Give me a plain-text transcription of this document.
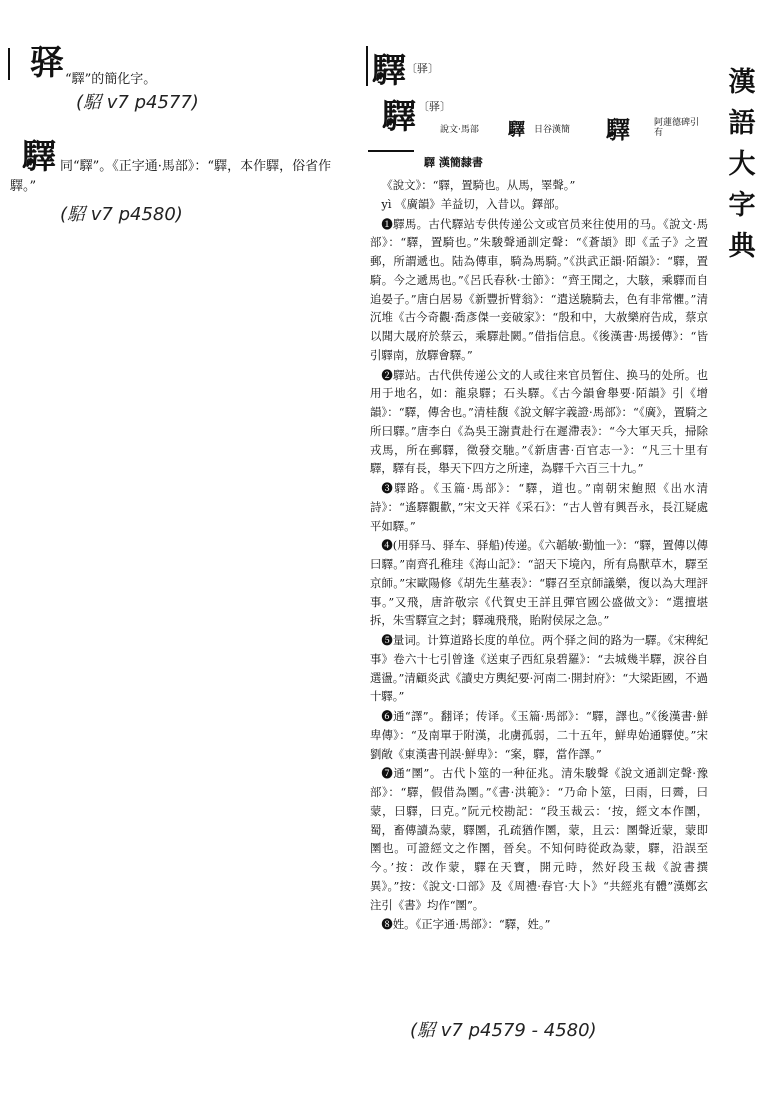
驿 “驛”的簡化字。
(駋 v7 p4577)
驛 同“驛”。《正字通·馬部》：“驛，本作驛，俗省作
驛。”
(駋 v7 p4580)
驛 〔驿〕
驛 〔驿〕
說文·馬部 驛 日谷漢簡 驛	阿蓮德碑引有
驛 漢簡隸書
漢
語
大
字
典

《說文》：“驛，置騎也。从馬，睪聲。”

yì 《廣韻》羊益切，入昔以。鐸部。

❶驛馬。古代驛站专供传递公文或官员来往使用的马。《說文·馬部》：“驛，置騎也。”朱駿聲通訓定聲：“《蒼頡》即《孟子》之置郵，所謂遞也。陆為傳車，騎為馬騎。”《洪武正韻·陌韻》：“驛，置騎。今之遞馬也。”《呂氏春秋·士節》：“齊王聞之，大駭，乘驛而自追晏子。”唐白居易《新豐折臂翁》：“遣送驍騎去，色有非常懼。”清沉堆《古今奇觀·喬彥傑一妾破家》：“殷和中，大赦樂府告成，蔡京以聞大晟府於蔡云，乘驛赴闕。”借指信息。《後漢書·馬援傳》：“皆引驛南，放驛會驛。”

❷驛站。古代供传递公文的人或往来官员暂住、换马的处所。也用于地名，如：龍泉驛；石头驛。《古今韻會舉要·陌韻》引《增韻》：“驛，傳舍也。”清桂馥《說文解字義證·馬部》：“《廣》，置騎之所曰驛。”唐李白《為吳王謝責赴行在遲滯表》：“今大軍天兵，掃除戎馬，所在郵驛，徵發交馳。”《新唐書·百官志一》：“凡三十里有驛，驛有長，舉天下四方之所達，為驛千六百三十九。”

❸驛路。《玉篇·馬部》：“驛，道也。”南朝宋鮑照《出水清詩》：“遙驛觀歡，”宋文天祥《采石》：“古人曾有興吾永，長江疑處平如驛。”

❹(用驿马、驿车、驿船)传递。《六韜敏·勤恤一》：“驛，置傳以傳曰驛。”南齊孔稚珪《海山記》：“詔天下境內，所有鳥獸草木，驛至京師。”宋歐陽修《胡先生墓表》：“驛召至京師議樂，復以為大理評事。”又飛，唐許敬宗《代賀史王詳且彈官國公盛做文》：“選擅堪拆，朱雪驛宣之封；驛魂飛飛，貽附侯尿之急。”

❺量词。计算道路长度的单位。两个驿之间的路为一驛。《宋稗紀事》卷六十七引曾逢《送東子西紅泉碧羅》：“去城幾半驛，淚谷自選盪。”清顧炎武《讀史方輿紀要·河南二·開封府》：“大梁距國，不過十驛。”

❻通“譯”。翻译；传译。《玉篇·馬部》：“驛，譯也。”《後漢書·鮮卑傳》：“及南單于附漢，北虜孤弱，二十五年，鮮卑始通驛使。”宋劉敞《東漢書刊誤·鮮卑》：“案，驛，當作譯。”

❼通“圛”。古代卜筮的一种征兆。清朱駿聲《說文通訓定聲·豫部》：“驛，假借為圛。”《書·洪範》：“乃命卜筮，曰雨，曰霽，曰蒙，曰驛，曰克。”阮元校勘記：“段玉裁云：‘按，經文本作圛，蜀，畜傳讀為蒙，驛圛，孔疏猶作圛，蒙，且云：圛聲近蒙，蒙即圛也。可證經文之作圛，晉矣。不知何時從政為蒙，驛，沿誤至今。’按：改作蒙，驛在天寶，開元時，然好段玉裁《說書撰異》。”按：《說文·口部》及《周禮·春官·大卜》“共經兆有體”漢鄭玄注引《書》均作“圛”。

❽姓。《正字通·馬部》：“驛，姓。”

(駋 v7 p4579 - 4580)
